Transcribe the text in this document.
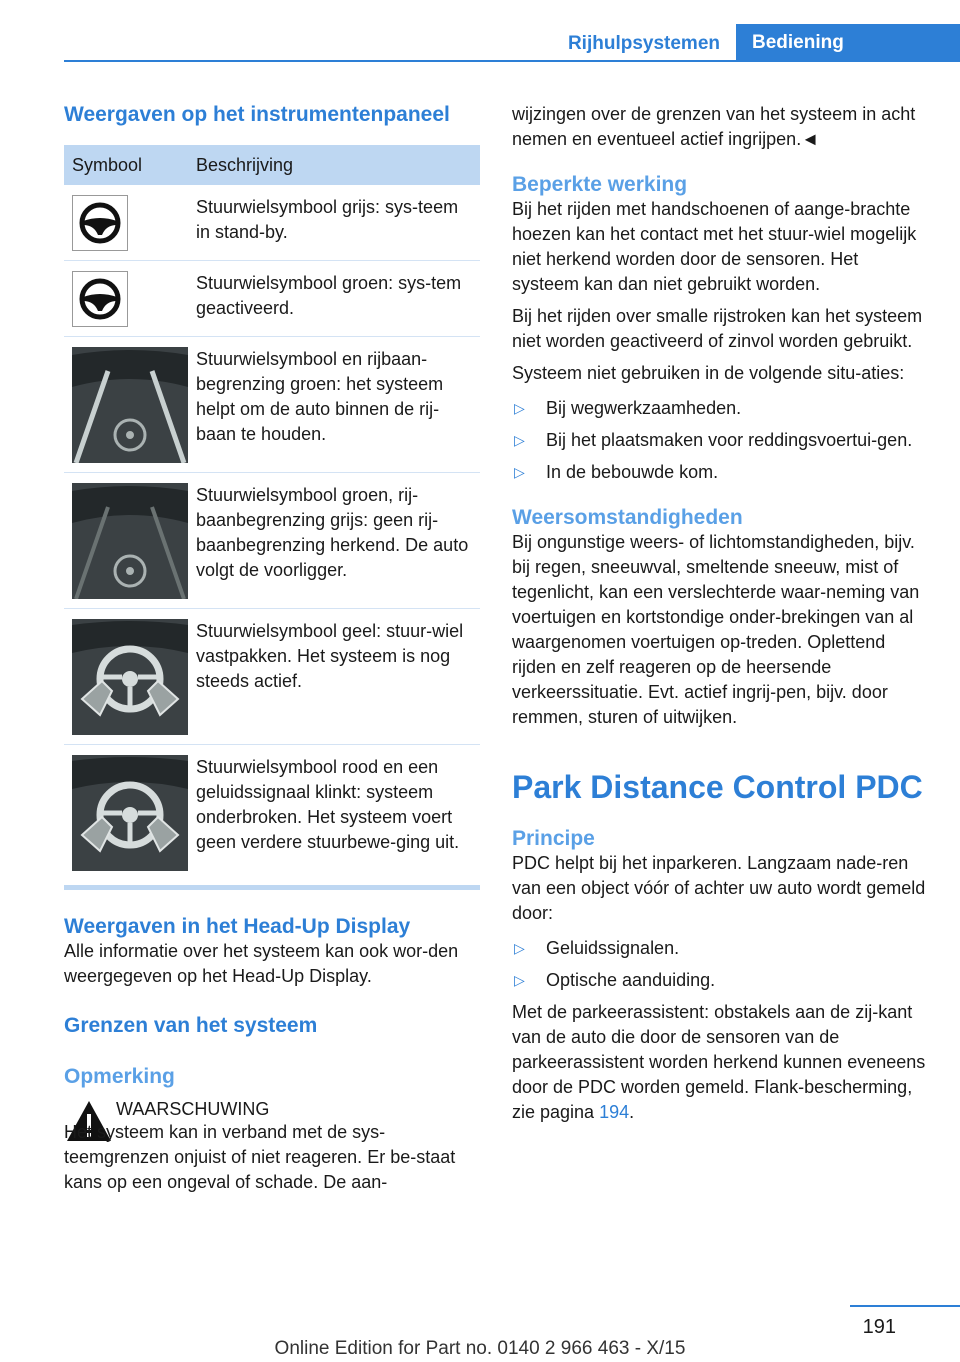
Rijhulpsystemen	Bediening
Weergaven op het instrumentenpaneel
Symbool	Beschrijving
Stuurwielsymbool grijs: sys-teem in stand-by.
Stuurwielsymbool groen: sys-tem geactiveerd.
Stuurwielsymbool en rijbaan-begrenzing groen: het systeem helpt om de auto binnen de rij-baan te houden.
Stuurwielsymbool groen, rij-baanbegrenzing grijs: geen rij-baanbegrenzing herkend. De auto volgt de voorligger.
Stuurwielsymbool geel: stuur-wiel vastpakken. Het systeem is nog steeds actief.
Stuurwielsymbool rood en een geluidssignaal klinkt: systeem onderbroken. Het systeem voert geen verdere stuurbewe-ging uit.
Weergaven in het Head-Up Display

Alle informatie over het systeem kan ook wor-den weergegeven op het Head-Up Display.

Grenzen van het systeem
Opmerking

WAARSCHUWING

Het systeem kan in verband met de sys-teemgrenzen onjuist of niet reageren. Er be-staat kans op een ongeval of schade. De aan-

wijzingen over de grenzen van het systeem in acht nemen en eventueel actief ingrijpen.◄

Beperkte werking

Bij het rijden met handschoenen of aange-brachte hoezen kan het contact met het stuur-wiel mogelijk niet herkend worden door de sensoren. Het systeem kan dan niet gebruikt worden.

Bij het rijden over smalle rijstroken kan het systeem niet worden geactiveerd of zinvol worden gebruikt.

Systeem niet gebruiken in de volgende situ-aties:

▷	Bij wegwerkzaamheden.
▷	Bij het plaatsmaken voor reddingsvoertui-gen.
▷	In de bebouwde kom.
Weersomstandigheden

Bij ongunstige weers- of lichtomstandigheden, bijv. bij regen, sneeuwval, smeltende sneeuw, mist of tegenlicht, kan een verslechterde waar-neming van voertuigen en kortstondige onder-brekingen van al waargenomen voertuigen op-treden. Oplettend rijden en zelf reageren op de heersende verkeerssituatie. Evt. actief ingrij-pen, bijv. door remmen, sturen of uitwijken.

Park Distance Control PDC
Principe

PDC helpt bij het inparkeren. Langzaam nade-ren van een object vóór of achter uw auto wordt gemeld door:

▷	Geluidssignalen.
▷	Optische aanduiding.

Met de parkeerassistent: obstakels aan de zij-kant van de auto die door de sensoren van de parkeerassistent worden herkend kunnen eveneens door de PDC worden gemeld. Flank-bescherming, zie pagina 194.

191
Online Edition for Part no. 0140 2 966 463 - X/15
